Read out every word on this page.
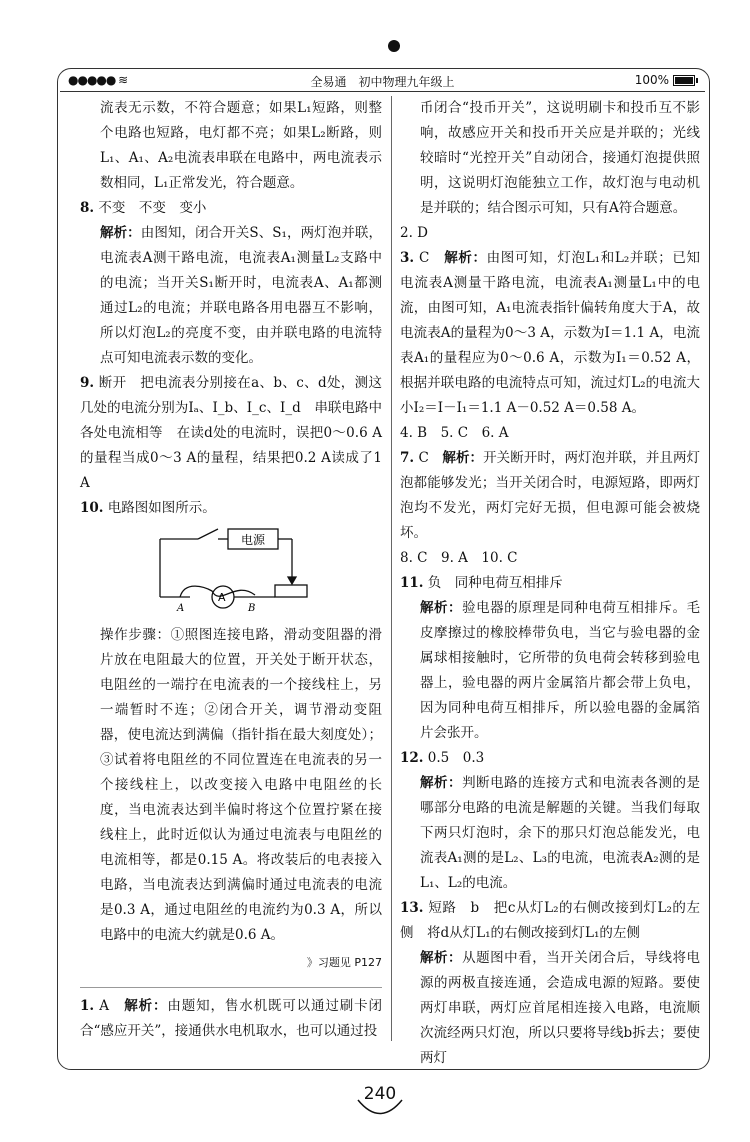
●●●●● ≋	全易通　初中物理九年级上	100%

流表无示数，不符合题意；如果L₁短路，则整个电路也短路，电灯都不亮；如果L₂断路，则L₁、A₁、A₂电流表串联在电路中，两电流表示数相同，L₁正常发光，符合题意。

8. 不变　不变　变小

解析：由图知，闭合开关S、S₁，两灯泡并联，电流表A测干路电流，电流表A₁测量L₂支路中的电流；当开关S₁断开时，电流表A、A₁都测通过L₂的电流；并联电路各用电器互不影响，所以灯泡L₂的亮度不变，由并联电路的电流特点可知电流表示数的变化。

9. 断开　把电流表分别接在a、b、c、d处，测这几处的电流分别为Iₐ、I_b、I_c、I_d　串联电路中各处电流相等　在读d处的电流时，误把0～0.6 A的量程当成0～3 A的量程，结果把0.2 A读成了1 A

10. 电路图如图所示。

电源
A
A	B

操作步骤：①照图连接电路，滑动变阻器的滑片放在电阻最大的位置，开关处于断开状态，电阻丝的一端拧在电流表的一个接线柱上，另一端暂时不连；②闭合开关，调节滑动变阻器，使电流达到满偏（指针指在最大刻度处）；③试着将电阻丝的不同位置连在电流表的另一个接线柱上，以改变接入电路中电阻丝的长度，当电流表达到半偏时将这个位置拧紧在接线柱上，此时近似认为通过电流表与电阻丝的电流相等，都是0.15 A。将改装后的电表接入电路，当电流表达到满偏时通过电流表的电流是0.3 A，通过电阻丝的电流约为0.3 A，所以电路中的电流大约就是0.6 A。

》习题见 P127

1. A　 解析：由题知，售水机既可以通过刷卡闭合“感应开关”，接通供水电机取水，也可以通过投

币闭合“投币开关”，这说明刷卡和投币互不影响，故感应开关和投币开关应是并联的；光线较暗时“光控开关”自动闭合，接通灯泡提供照明，这说明灯泡能独立工作，故灯泡与电动机是并联的；结合图示可知，只有A符合题意。

2. D

3. C　 解析：由图可知，灯泡L₁和L₂并联；已知电流表A测量干路电流，电流表A₁测量L₁中的电流，由图可知，A₁电流表指针偏转角度大于A，故电流表A的量程为0～3 A，示数为I＝1.1 A，电流表A₁的量程应为0～0.6 A，示数为I₁＝0.52 A，根据并联电路的电流特点可知，流过灯L₂的电流大小I₂＝I－I₁＝1.1 A－0.52 A＝0.58 A。

4. B　5. C　6. A

7. C　 解析：开关断开时，两灯泡并联，并且两灯泡都能够发光；当开关闭合时，电源短路，即两灯泡均不发光，两灯完好无损，但电源可能会被烧坏。

8. C　9. A　10. C

11. 负　同种电荷互相排斥

解析：验电器的原理是同种电荷互相排斥。毛皮摩擦过的橡胶棒带负电，当它与验电器的金属球相接触时，它所带的负电荷会转移到验电器上，验电器的两片金属箔片都会带上负电，因为同种电荷互相排斥，所以验电器的金属箔片会张开。

12. 0.5　0.3

解析：判断电路的连接方式和电流表各测的是哪部分电路的电流是解题的关键。当我们每取下两只灯泡时，余下的那只灯泡总能发光，电流表A₁测的是L₂、L₃的电流，电流表A₂测的是L₁、L₂的电流。

13. 短路　b　把c从灯L₂的右侧改接到灯L₂的左侧　将d从灯L₁的右侧改接到灯L₁的左侧

解析：从题图中看，当开关闭合后，导线将电源的两极直接连通，会造成电源的短路。要使两灯串联，两灯应首尾相连接入电路，电流顺次流经两只灯泡，所以只要将导线b拆去；要使两灯

240
